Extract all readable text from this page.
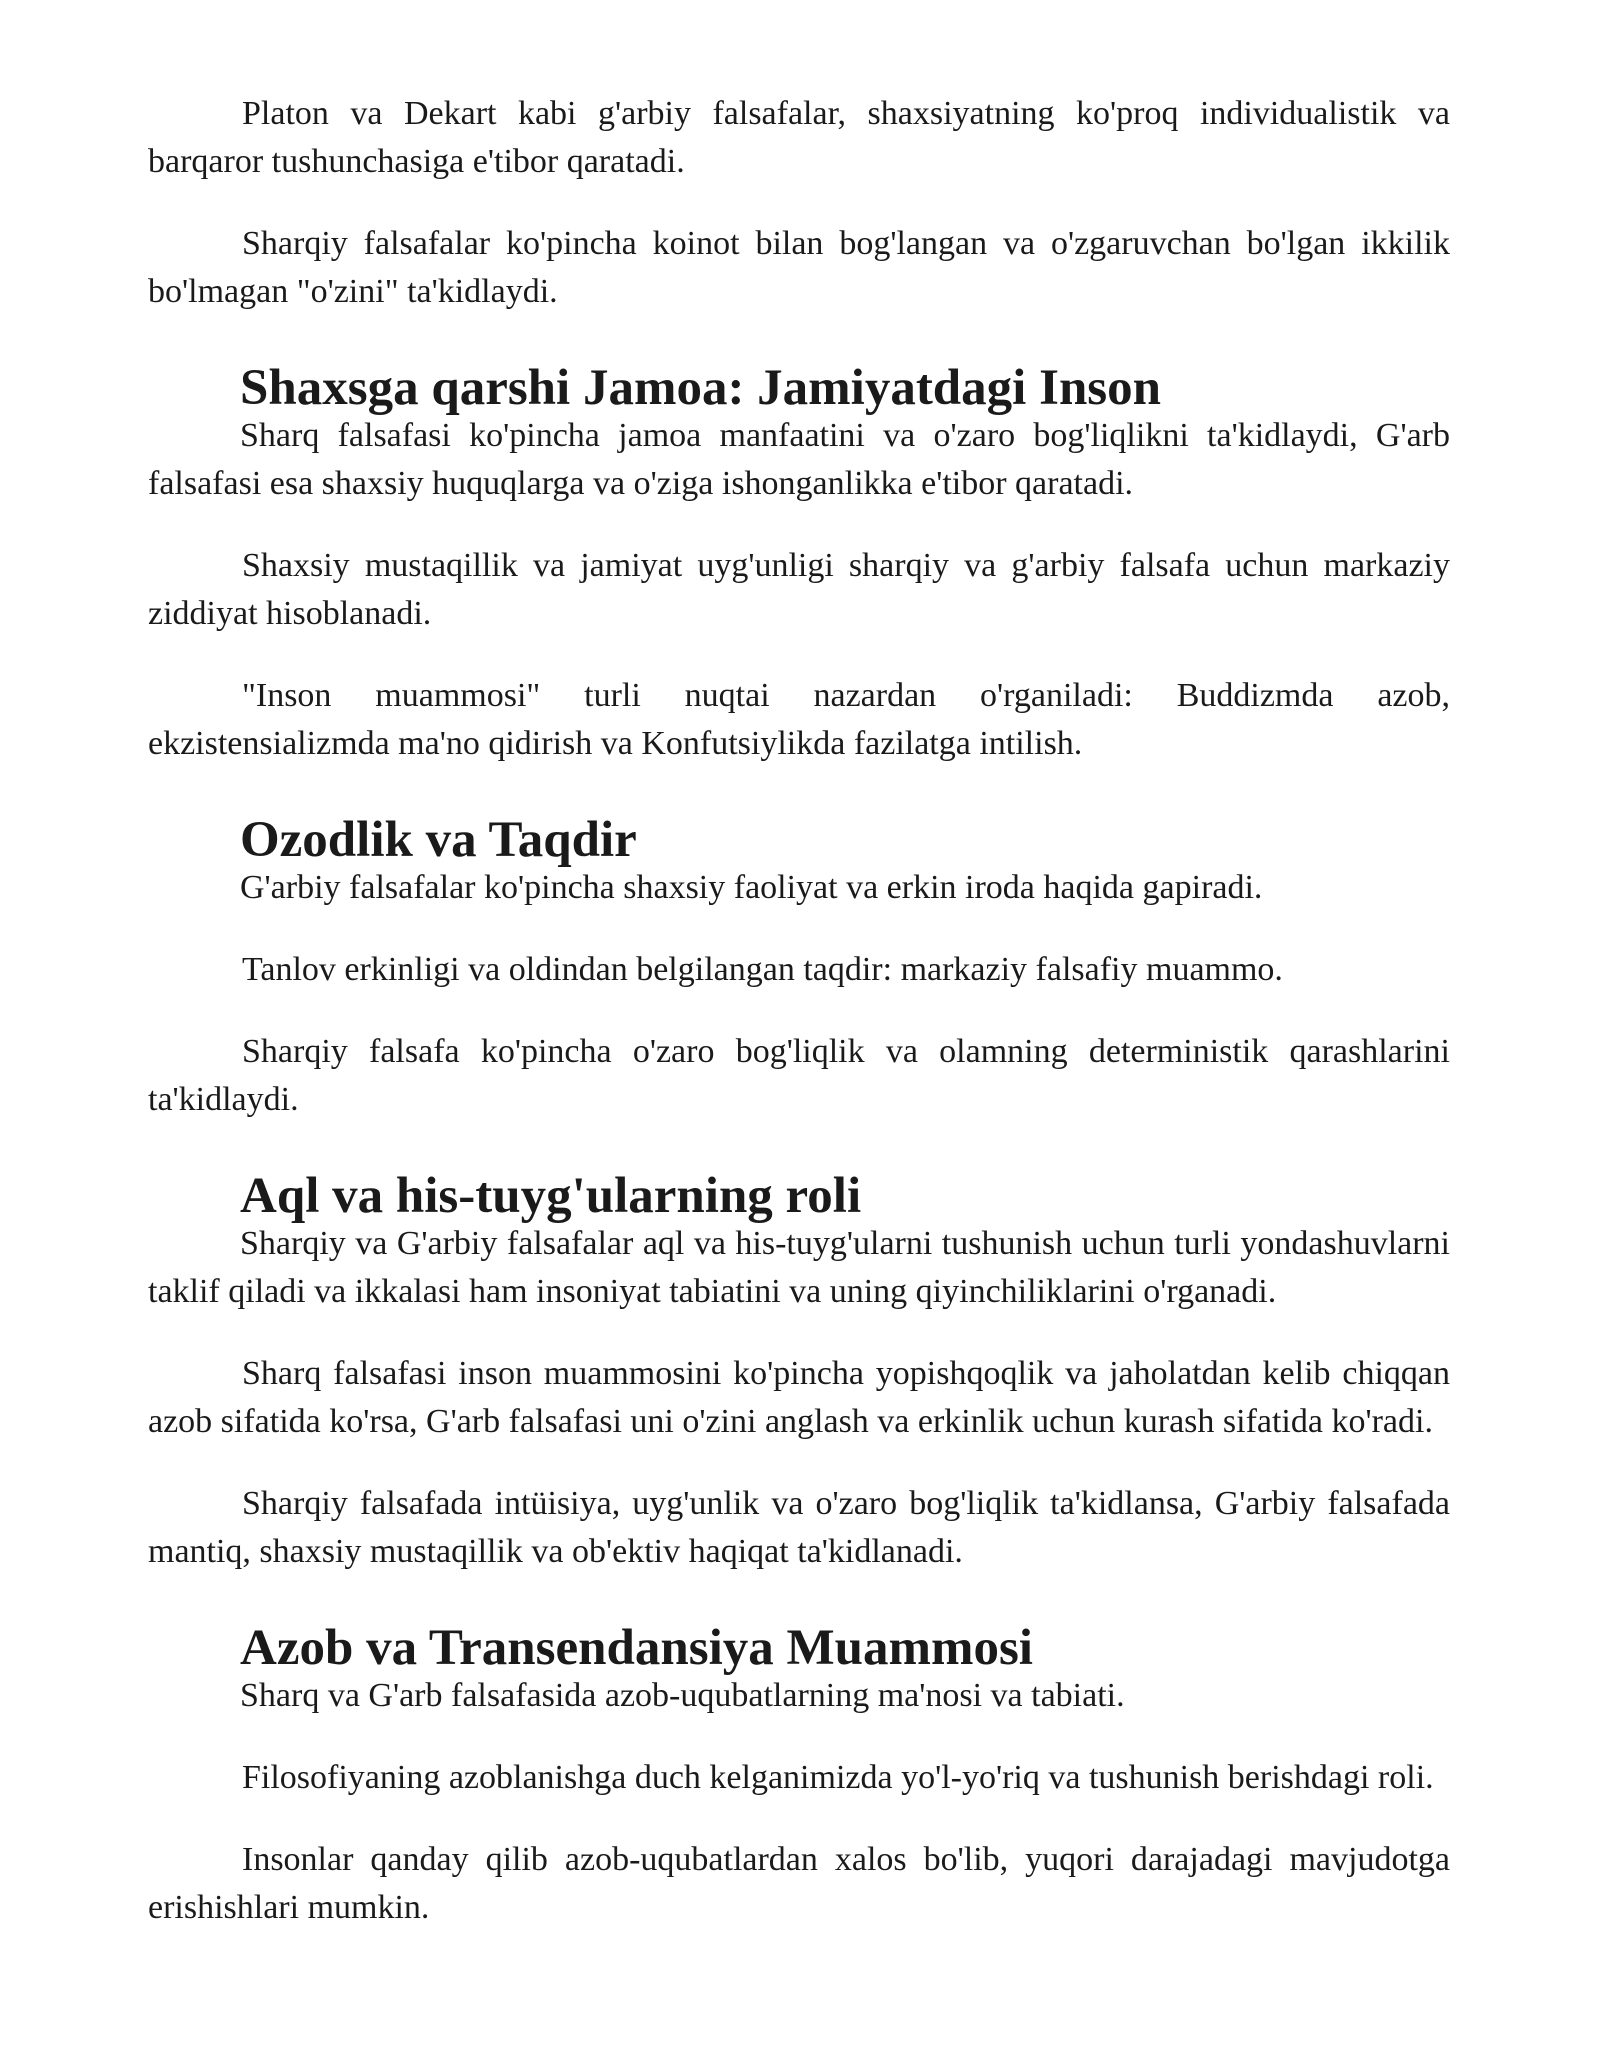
Platon va Dekart kabi g'arbiy falsafalar, shaxsiyatning ko'proq individualistik va barqaror tushunchasiga e'tibor qaratadi.

Sharqiy falsafalar ko'pincha koinot bilan bog'langan va o'zgaruvchan bo'lgan ikkilik bo'lmagan "o'zini" ta'kidlaydi.

Shaxsga qarshi Jamoa: Jamiyatdagi Inson

Sharq falsafasi ko'pincha jamoa manfaatini va o'zaro bog'liqlikni ta'kidlaydi, G'arb falsafasi esa shaxsiy huquqlarga va o'ziga ishonganlikka e'tibor qaratadi.

Shaxsiy mustaqillik va jamiyat uyg'unligi sharqiy va g'arbiy falsafa uchun markaziy ziddiyat hisoblanadi.

"Inson muammosi" turli nuqtai nazardan o'rganiladi: Buddizmda azob, ekzistensializmda ma'no qidirish va Konfutsiylikda fazilatga intilish.

Ozodlik va Taqdir

G'arbiy falsafalar ko'pincha shaxsiy faoliyat va erkin iroda haqida gapiradi.

Tanlov erkinligi va oldindan belgilangan taqdir: markaziy falsafiy muammo.

Sharqiy falsafa ko'pincha o'zaro bog'liqlik va olamning deterministik qarashlarini ta'kidlaydi.

Aql va his-tuyg'ularning roli

Sharqiy va G'arbiy falsafalar aql va his-tuyg'ularni tushunish uchun turli yondashuvlarni taklif qiladi va ikkalasi ham insoniyat tabiatini va uning qiyinchiliklarini o'rganadi.

Sharq falsafasi inson muammosini ko'pincha yopishqoqlik va jaholatdan kelib chiqqan azob sifatida ko'rsa, G'arb falsafasi uni o'zini anglash va erkinlik uchun kurash sifatida ko'radi.

Sharqiy falsafada intüisiya, uyg'unlik va o'zaro bog'liqlik ta'kidlansa, G'arbiy falsafada mantiq, shaxsiy mustaqillik va ob'ektiv haqiqat ta'kidlanadi.

Azob va Transendansiya Muammosi

Sharq va G'arb falsafasida azob-uqubatlarning ma'nosi va tabiati.

Filosofiyaning azoblanishga duch kelganimizda yo'l-yo'riq va tushunish berishdagi roli.

Insonlar qanday qilib azob-uqubatlardan xalos bo'lib, yuqori darajadagi mavjudotga erishishlari mumkin.
